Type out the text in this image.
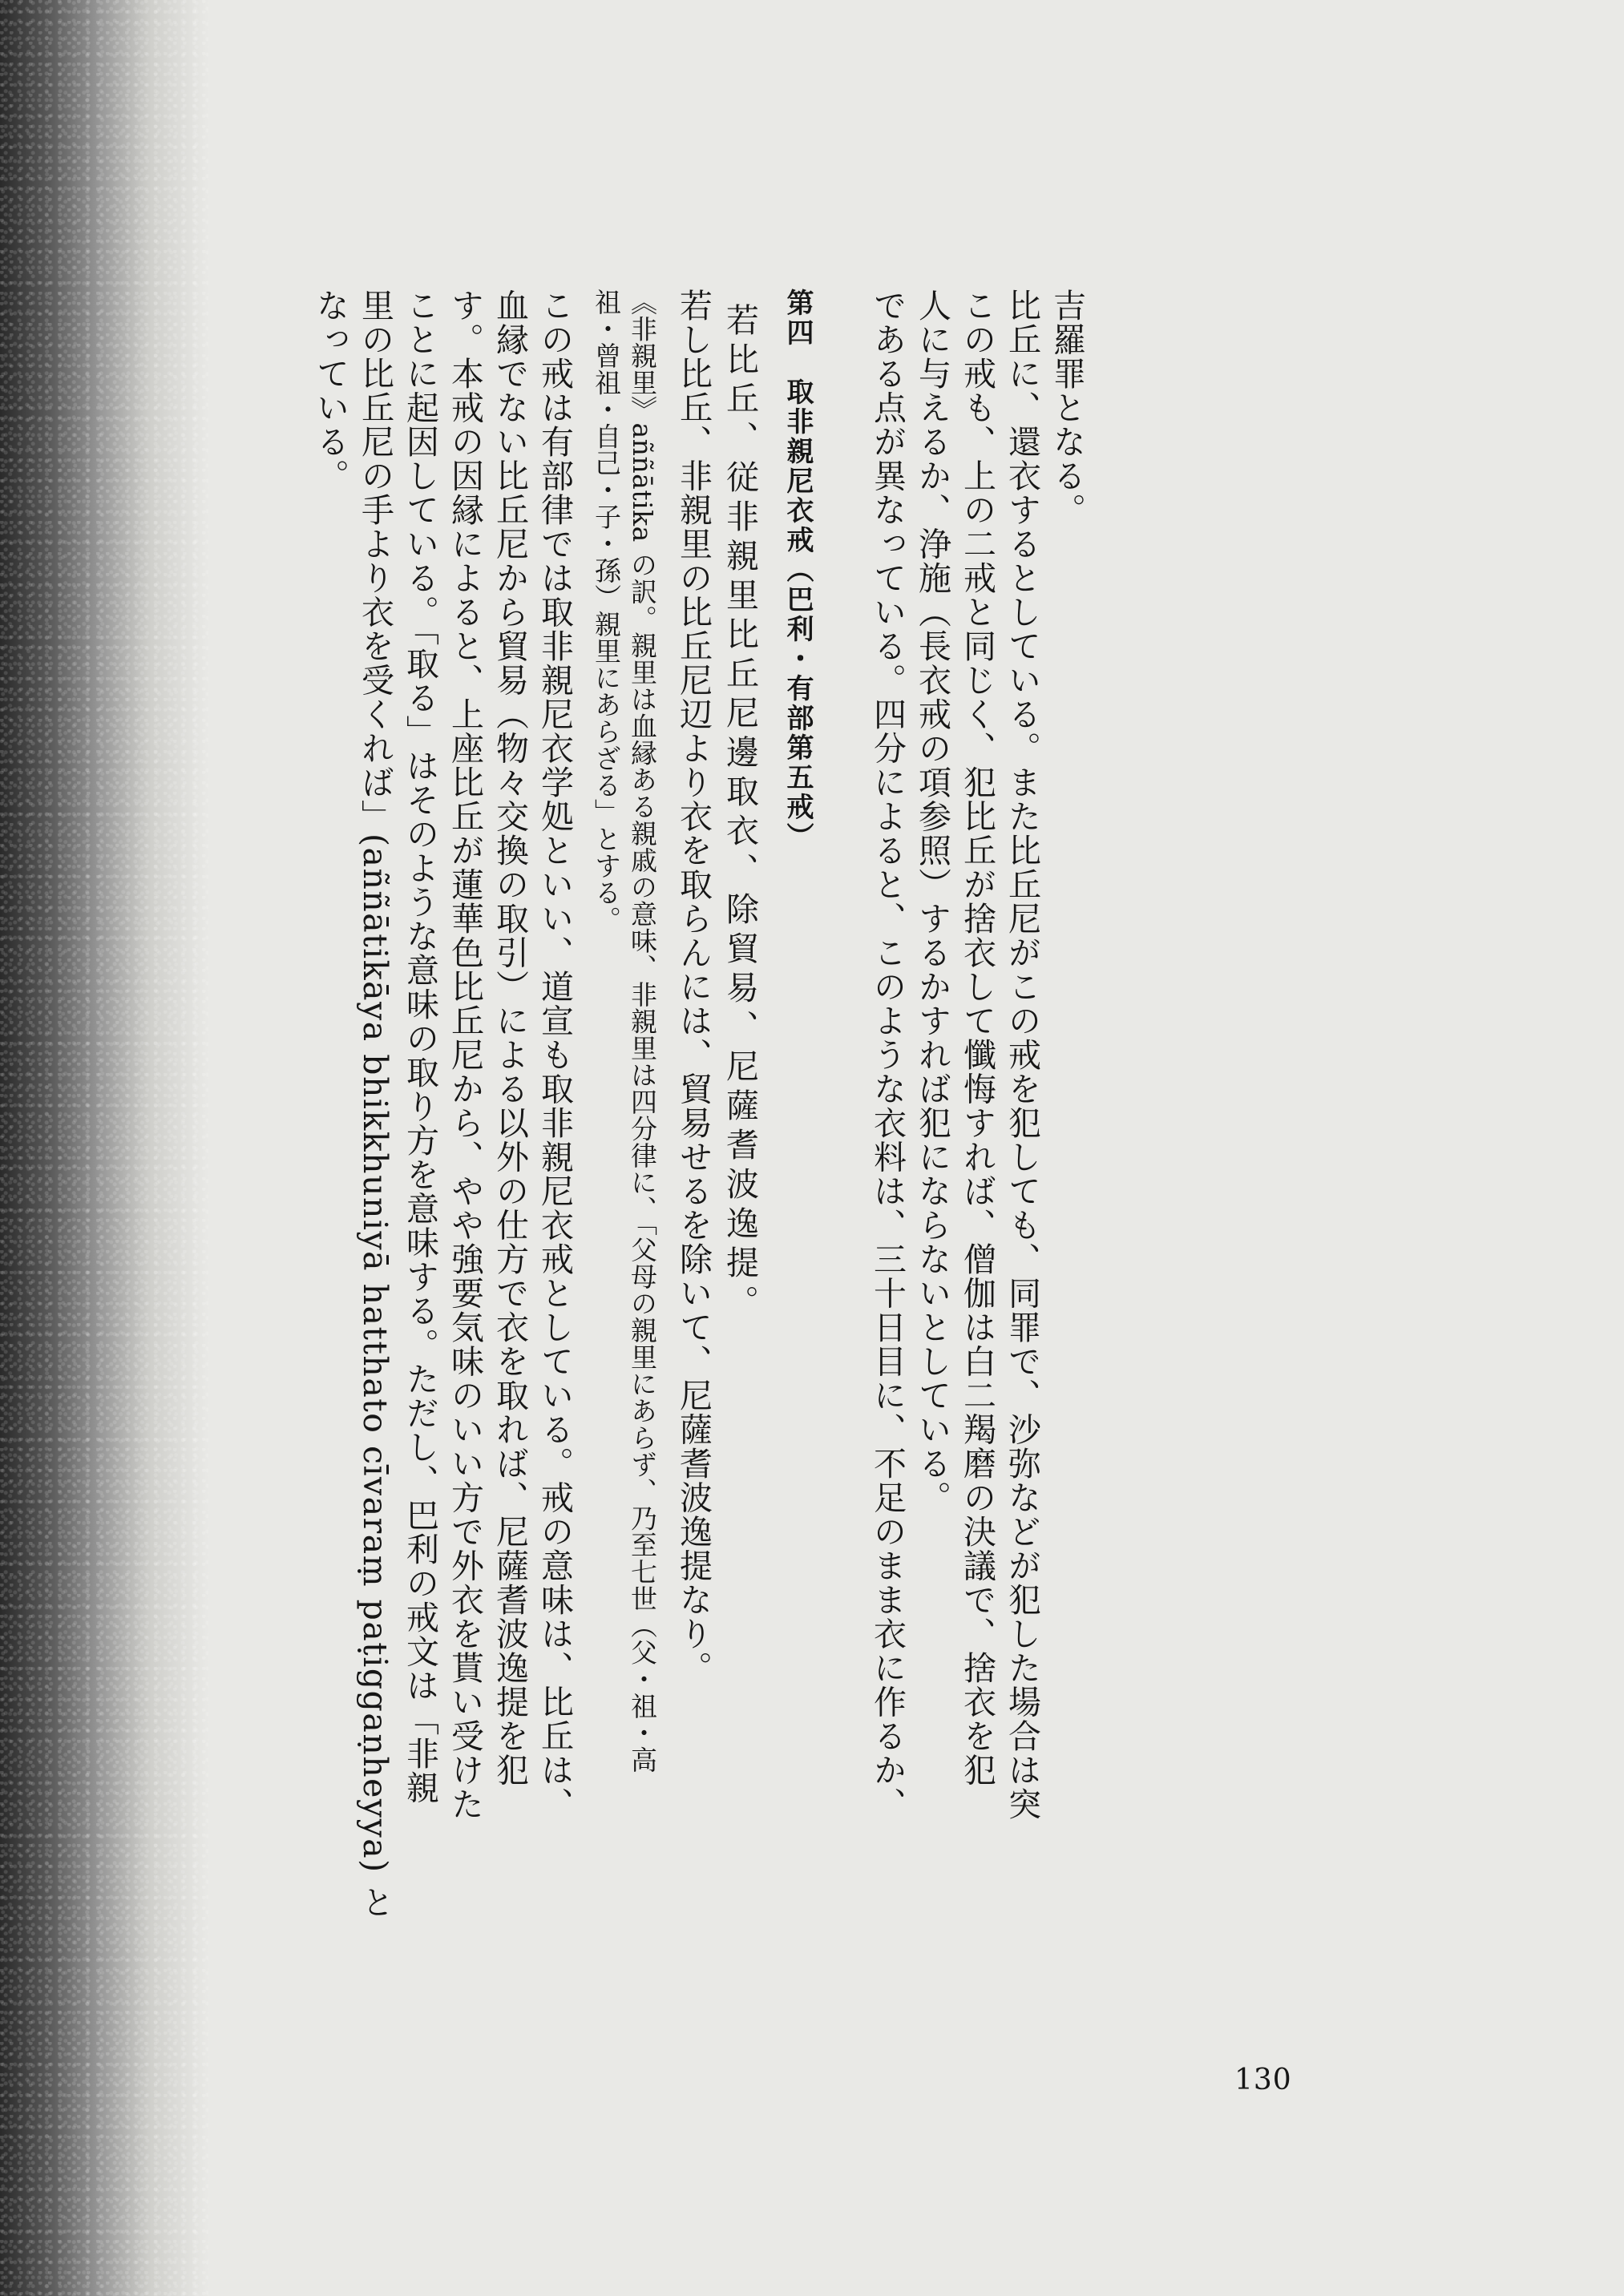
吉羅罪となる。
比丘に、還衣するとしている。また比丘尼がこの戒を犯しても、同罪で、沙弥などが犯した場合は突
この戒も、上の二戒と同じく、犯比丘が捨衣して懺悔すれば、僧伽は白二羯磨の決議で、捨衣を犯
人に与えるか、浄施（長衣戒の項参照）するかすれば犯にならないとしている。
である点が異なっている。四分によると、このような衣料は、三十日目に、不足のまま衣に作るか、
第四　取非親尼衣戒（巴利・有部第五戒）
若比丘、従非親里比丘尼邊取衣、除貿易、尼薩耆波逸提。
若し比丘、非親里の比丘尼辺より衣を取らんには、貿易せるを除いて、尼薩耆波逸提なり。
《非親里》aññātika の訳。親里は血縁ある親戚の意味、非親里は四分律に、「父母の親里にあらず、乃至七世（父・祖・高
祖・曾祖・自己・子・孫）親里にあらざる」とする。
この戒は有部律では取非親尼衣学処といい、道宣も取非親尼衣戒としている。戒の意味は、比丘は、
血縁でない比丘尼から貿易（物々交換の取引）による以外の仕方で衣を取れば、尼薩耆波逸提を犯
す。本戒の因縁によると、上座比丘が蓮華色比丘尼から、やや強要気味のいい方で外衣を貰い受けた
ことに起因している。「取る」はそのような意味の取り方を意味する。ただし、巴利の戒文は「非親
里の比丘尼の手より衣を受くれば」(aññātikāya bhikkhuniyā hatthato cīvaraṃ paṭiggaṇheyya) と
なっている。
130
